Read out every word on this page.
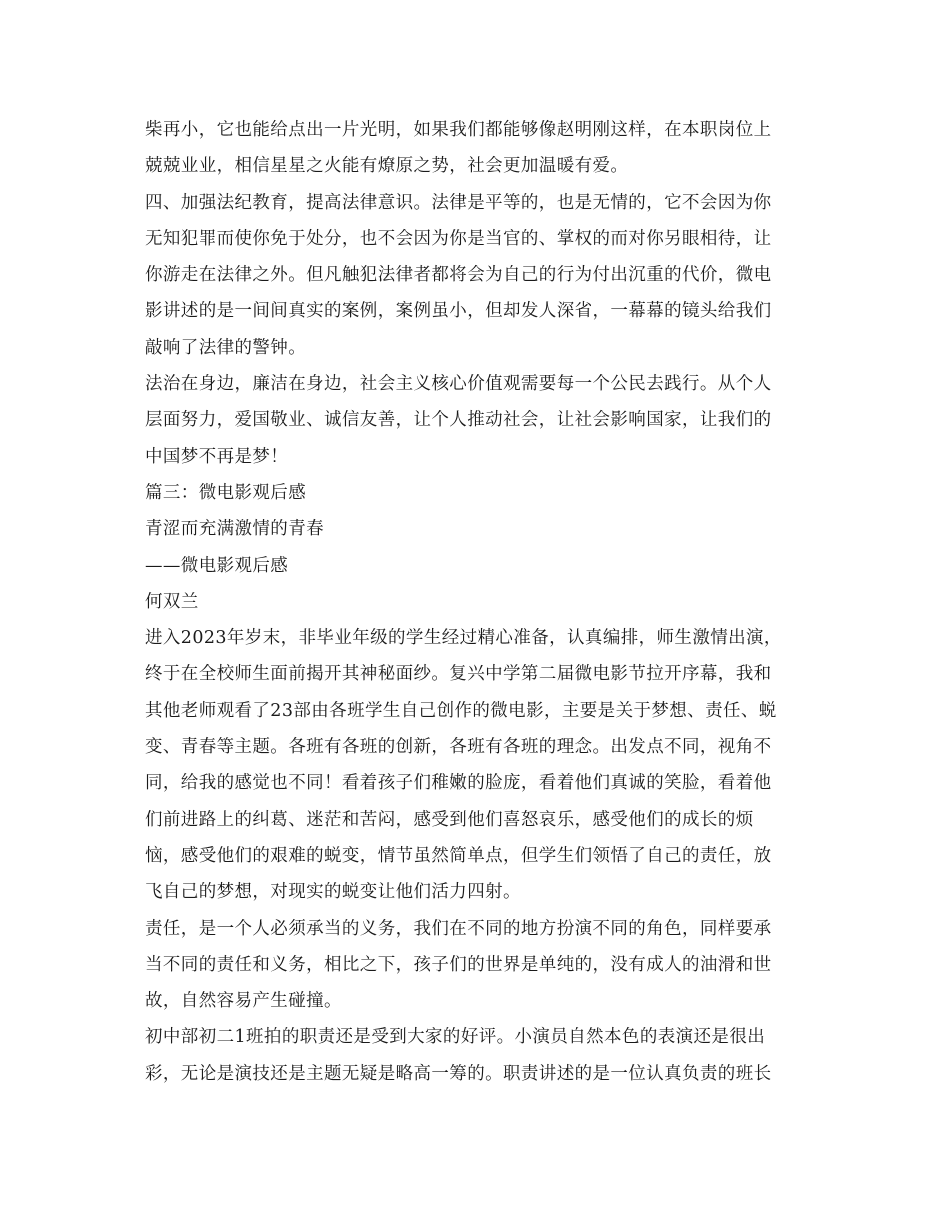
柴再小，它也能给点出一片光明，如果我们都能够像赵明刚这样，在本职岗位上
兢兢业业，相信星星之火能有燎原之势，社会更加温暖有爱。
四、加强法纪教育，提高法律意识。法律是平等的，也是无情的，它不会因为你
无知犯罪而使你免于处分，也不会因为你是当官的、掌权的而对你另眼相待，让
你游走在法律之外。但凡触犯法律者都将会为自己的行为付出沉重的代价，微电
影讲述的是一间间真实的案例，案例虽小，但却发人深省，一幕幕的镜头给我们
敲响了法律的警钟。
法治在身边，廉洁在身边，社会主义核心价值观需要每一个公民去践行。从个人
层面努力，爱国敬业、诚信友善，让个人推动社会，让社会影响国家，让我们的
中国梦不再是梦！
篇三：微电影观后感
青涩而充满激情的青春
——微电影观后感
何双兰
进入2023年岁末，非毕业年级的学生经过精心准备，认真编排，师生激情出演，
终于在全校师生面前揭开其神秘面纱。复兴中学第二届微电影节拉开序幕，我和
其他老师观看了23部由各班学生自己创作的微电影，主要是关于梦想、责任、蜕
变、青春等主题。各班有各班的创新，各班有各班的理念。出发点不同，视角不
同，给我的感觉也不同！看着孩子们稚嫩的脸庞，看着他们真诚的笑脸，看着他
们前进路上的纠葛、迷茫和苦闷，感受到他们喜怒哀乐，感受他们的成长的烦
恼，感受他们的艰难的蜕变，情节虽然简单点，但学生们领悟了自己的责任，放
飞自己的梦想，对现实的蜕变让他们活力四射。
责任，是一个人必须承当的义务，我们在不同的地方扮演不同的角色，同样要承
当不同的责任和义务，相比之下，孩子们的世界是单纯的，没有成人的油滑和世
故，自然容易产生碰撞。
初中部初二1班拍的职责还是受到大家的好评。小演员自然本色的表演还是很出
彩，无论是演技还是主题无疑是略高一筹的。职责讲述的是一位认真负责的班长
